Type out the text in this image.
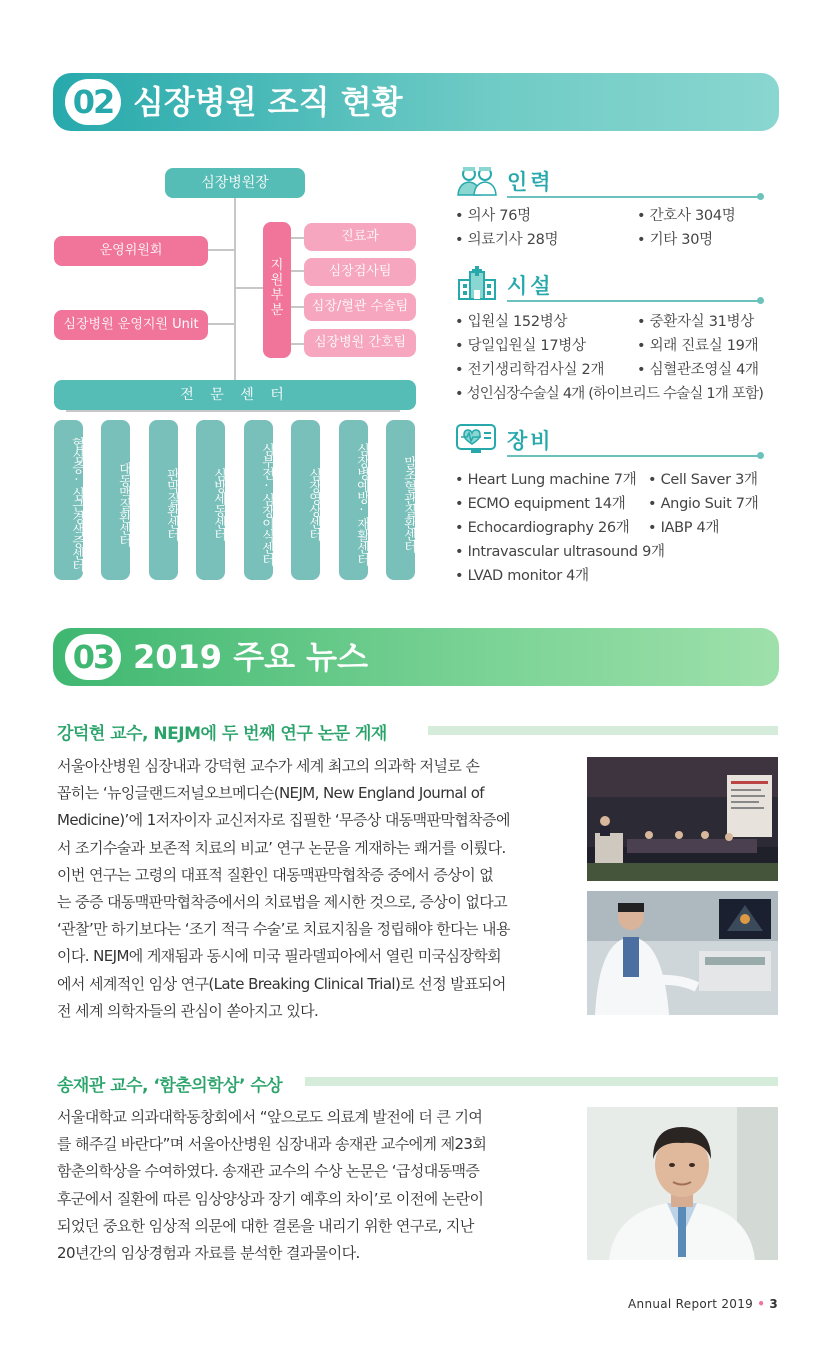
02 심장병원 조직 현황
심장병원장
운영위원회
심장병원 운영지원 Unit
지원부분
진료과
심장검사팀
심장/혈관 수술팀
심장병원 간호팀
전 문 센 터
협심증·심근경색증센터	대동맥질환센터	판막질환센터	심방세동센터	심부전·심장이식센터	심장영상센터	심장병예방·재활센터	말초혈관질환센터
인력
• 의사 76명	• 간호사 304명
• 의료기사 28명	• 기타 30명
시설
• 입원실 152병상	• 중환자실 31병상
• 당일입원실 17병상	• 외래 진료실 19개
• 전기생리학검사실 2개	• 심혈관조영실 4개
• 성인심장수술실 4개 (하이브리드 수술실 1개 포함)
장비
• Heart Lung machine 7개	• Cell Saver 3개
• ECMO equipment 14개	• Angio Suit 7개
• Echocardiography 26개	• IABP 4개
• Intravascular ultrasound 9개
• LVAD monitor 4개
03 2019 주요 뉴스
강덕현 교수, NEJM에 두 번째 연구 논문 게재
서울아산병원 심장내과 강덕현 교수가 세계 최고의 의과학 저널로 손
꼽히는 ‘뉴잉글랜드저널오브메디슨(NEJM, New England Journal of
Medicine)’에 1저자이자 교신저자로 집필한 ‘무증상 대동맥판막협착증에
서 조기수술과 보존적 치료의 비교’ 연구 논문을 게재하는 쾌거를 이뤘다.
이번 연구는 고령의 대표적 질환인 대동맥판막협착증 중에서 증상이 없
는 중증 대동맥판막협착증에서의 치료법을 제시한 것으로, 증상이 없다고
‘관찰’만 하기보다는 ‘조기 적극 수술’로 치료지침을 정립해야 한다는 내용
이다. NEJM에 게재됨과 동시에 미국 필라델피아에서 열린 미국심장학회
에서 세계적인 임상 연구(Late Breaking Clinical Trial)로 선정 발표되어
전 세계 의학자들의 관심이 쏟아지고 있다.
송재관 교수, ‘함춘의학상’ 수상
서울대학교 의과대학동창회에서 “앞으로도 의료계 발전에 더 큰 기여
를 해주길 바란다”며 서울아산병원 심장내과 송재관 교수에게 제23회
함춘의학상을 수여하였다. 송재관 교수의 수상 논문은 ‘급성대동맥증
후군에서 질환에 따른 임상양상과 장기 예후의 차이’로 이전에 논란이
되었던 중요한 임상적 의문에 대한 결론을 내리기 위한 연구로, 지난
20년간의 임상경험과 자료를 분석한 결과물이다.
Annual Report 2019 • 3
